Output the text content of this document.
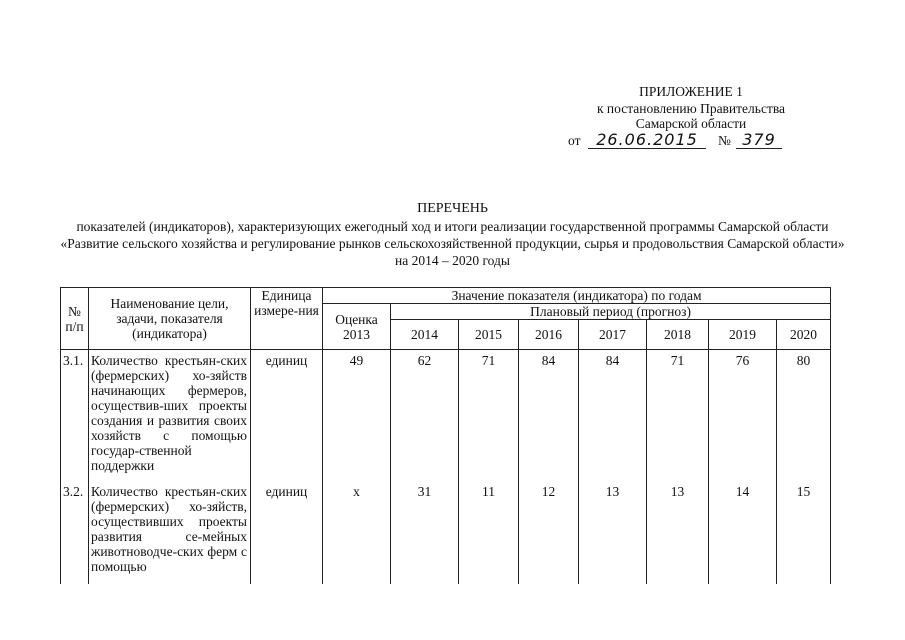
ПРИЛОЖЕНИЕ 1
к постановлению Правительства
Самарской области
от 26.06.2015	№ 379
ПЕРЕЧЕНЬ
показателей (индикаторов), характеризующих ежегодный ход и итоги реализации государственной программы Самарской области «Развитие сельского хозяйства и регулирование рынков сельскохозяйственной продукции, сырья и продовольствия Самарской области» на 2014 – 2020 годы
№ п/п	Наименование цели, задачи, показателя (индикатора)	Единица измере-ния	Значение показателя (индикатора) по годам							
			Оценка 2013	Плановый период (прогноз)						
				2014	2015	2016	2017	2018	2019	2020
3.1.	Количество крестьян-ских (фермерских) хо-зяйств начинающих фермеров, осуществив-ших проекты создания и развития своих хозяйств с помощью государ-ственной поддержки	единиц	49	62	71	84	84	71	76	80
3.2.	Количество крестьян-ских (фермерских) хо-зяйств, осуществивших проекты развития се-мейных животноводче-ских ферм с помощью	единиц	х	31	11	12	13	13	14	15
